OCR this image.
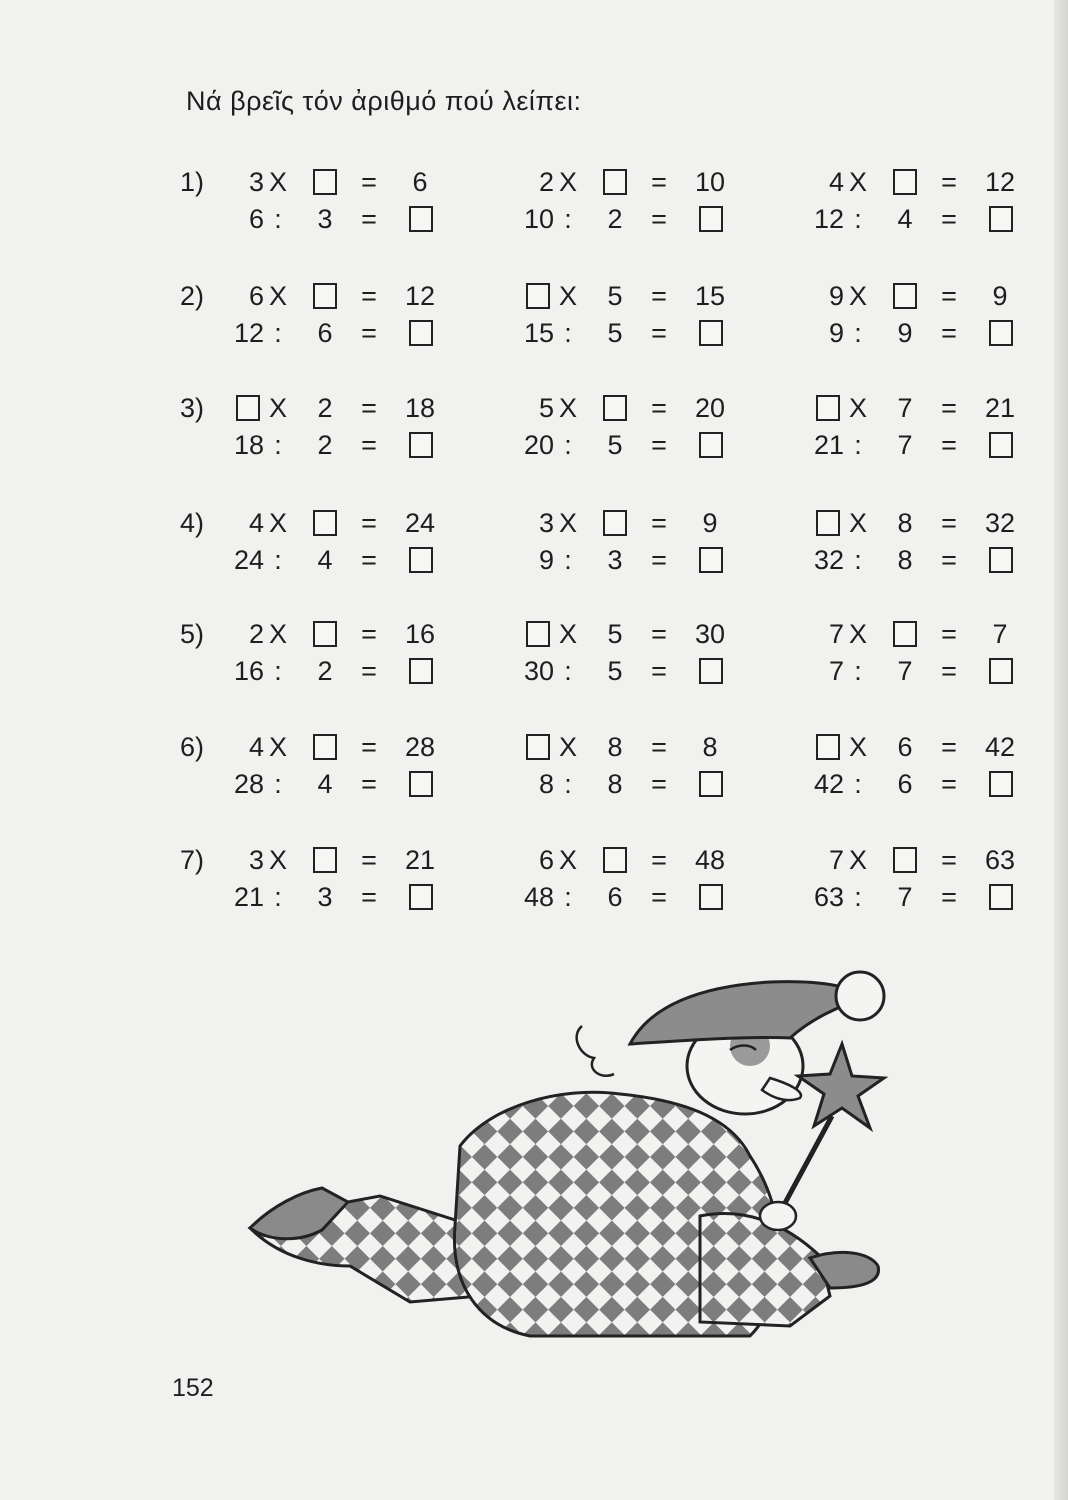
Νά βρεῖς τόν ἀριθμό πού λείπει:
1)	3 X	=	6	2 X	=	10	4 X	=	12
6 :	3	=	10 :	2	=	12 :	4	=
2)	6 X	=	12	X	5	=	15	9 X	=	9
12 :	6	=	15 :	5	=	9 :	9	=
3)	X	2	=	18	5 X	=	20	X	7	=	21
18 :	2	=	20 :	5	=	21 :	7	=
4)	4 X	=	24	3 X	=	9	X	8	=	32
24 :	4	=	9 :	3	=	32 :	8	=
5)	2 X	=	16	X	5	=	30	7 X	=	7
16 :	2	=	30 :	5	=	7 :	7	=
6)	4 X	=	28	X	8	=	8	X	6	=	42
28 :	4	=	8 :	8	=	42 :	6	=
7)	3 X	=	21	6 X	=	48	7 X	=	63
21 :	3	=	48 :	6	=	63 :	7	=
152
